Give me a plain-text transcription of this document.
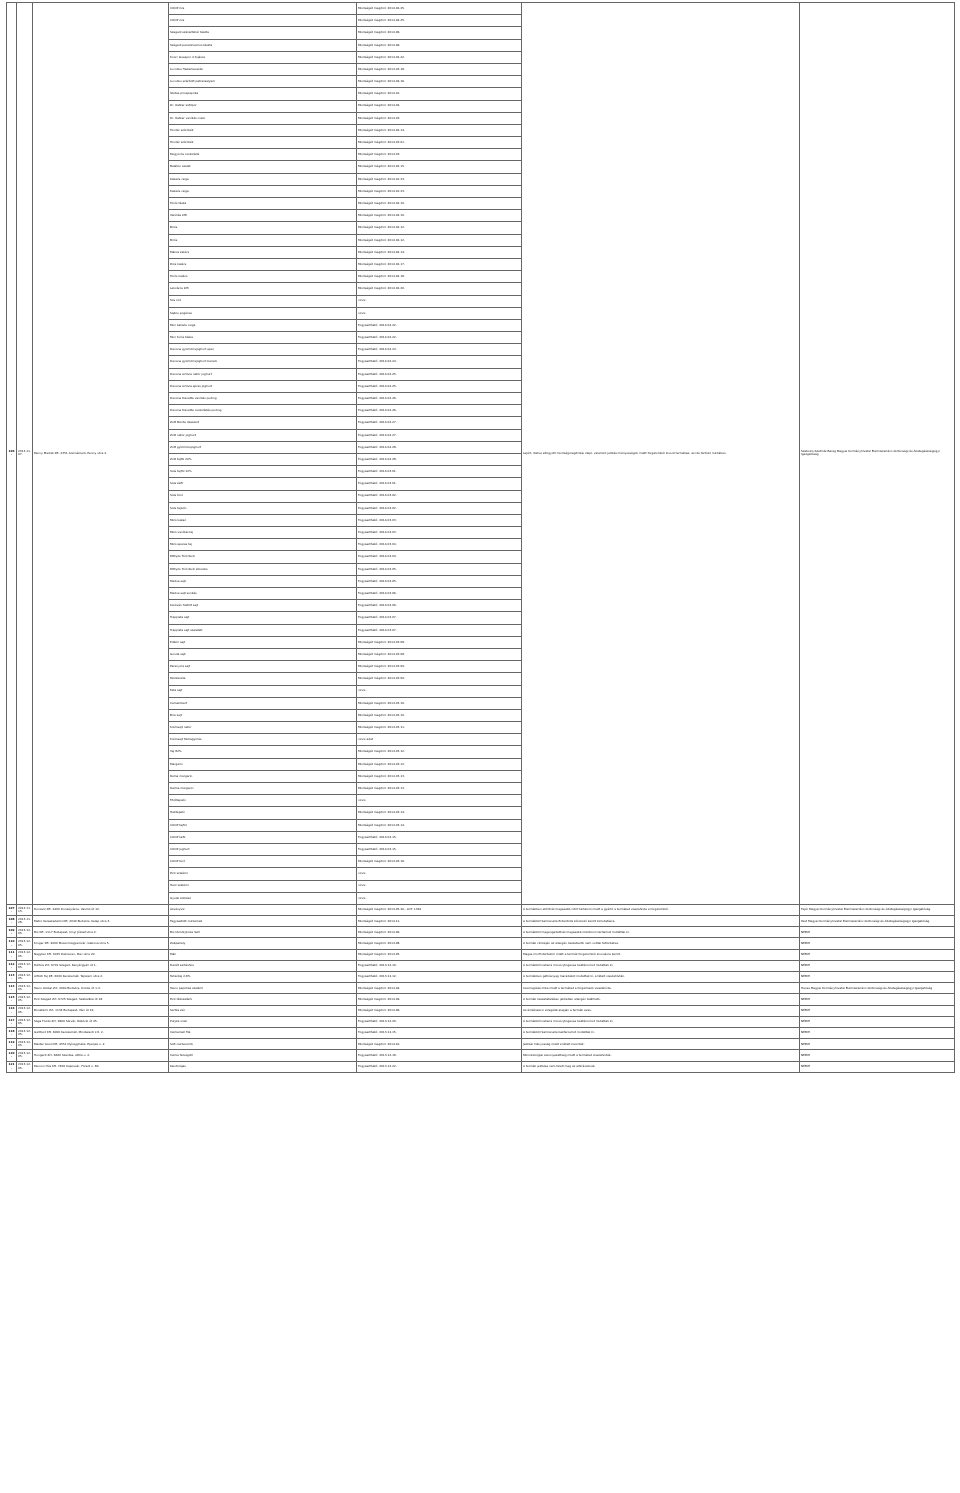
106.	2013.11.07.	Penny Market Kft. 2351 Alsónémedi, Penny utca 2.	COOP rizs	Minőségét megőrzi: 2014.04.25.	Lejárt, illetve elfogyott minőségmegőrzési idejű, valamint jelölési hiányosságok miatt forgalomból kivont termékek, az ide tartozó mintában.	Szabolcs-Szatmár-Bereg Megyei Kormányhivatal Élelmiszerlánc-biztonsági és Állategészségügyi Igazgatóság
			COOP rizs	Minőségét megőrzi: 2014.04.25.		
			Szegedi szárazfehér tészta	Minőségét megőrzi: 2014.06.		
			Szegedi paradicsomos tészta	Minőségét megőrzi: 2014.06.		
			Knorr levespor 4 tojásos	Minőségét megőrzi: 2014.02.22.		
			Lucullus fűszerkeverék	Minőségét megőrzi: 2014.03.18.		
			Lucullus szárított petrezselyem	Minőségét megőrzi: 2014.04.16.		
			Ízletes pirospaprika	Minőségét megőrzi: 2014.01.		
			Dr. Oetker sütőpor	Minőségét megőrzi: 2014.02.		
			Dr. Oetker vaníliás cukor	Minőségét megőrzi: 2014.03.		
			Tündér szórókék	Minőségét megőrzi: 2014.02.14.		
			Tündér szórókék	Minőségét megőrzi: 2014.03.01.		
			Mogyorós csokoládé	Minőségét megőrzi: 2014.03.		
			Balaton szelet	Minőségét megőrzi: 2014.02.15.		
			Kakaós csiga	Minőségét megőrzi: 2014.01.23.		
			Kakaós csiga	Minőségét megőrzi: 2014.01.23.		
			Túrós táska	Minőségét megőrzi: 2014.02.10.		
			Vaníliás kifli	Minőségét megőrzi: 2014.02.10.		
			Briós	Minőségét megőrzi: 2014.02.12.		
			Briós	Minőségét megőrzi: 2014.02.12.		
			Mákos kalács	Minőségét megőrzi: 2014.02.14.		
			Diós kalács	Minőségét megőrzi: 2014.02.17.		
			Túrós kalács	Minőségét megőrzi: 2014.02.18.		
			Lekváros kifli	Minőségét megőrzi: 2014.02.20.		
			Sós rúd	nincs		
			Sajtos pogácsa	nincs		
			Mini kakaós csiga	Fogyasztható: 2014.02.22.		
			Mini túrós táska	Fogyasztható: 2014.02.22.		
			Danone gyümölcsjoghurt eper	Fogyasztható: 2014.02.24.		
			Danone gyümölcsjoghurt barack	Fogyasztható: 2014.02.24.		
			Danone Activia natúr joghurt	Fogyasztható: 2014.02.25.		
			Danone Activia epres joghurt	Fogyasztható: 2014.02.25.		
			Danone Danette vaníliás puding	Fogyasztható: 2014.02.26.		
			Danone Danette csokoládés puding	Fogyasztható: 2014.02.26.		
			Zott Monte desszert	Fogyasztható: 2014.02.27.		
			Zott natúr joghurt	Fogyasztható: 2014.02.27.		
			Zott gyümölcsjoghurt	Fogyasztható: 2014.02.28.		
			Zott tejföl 20%	Fogyasztható: 2014.02.28.		
			Sole tejföl 12%	Fogyasztható: 2014.03.01.		
			Sole kefir	Fogyasztható: 2014.03.01.		
			Sole túró	Fogyasztható: 2014.03.02.		
			Sole tejszín	Fogyasztható: 2014.03.02.		
			Mizo kakaó	Fogyasztható: 2014.03.03.		
			Mizo vaníliás tej	Fogyasztható: 2014.03.03.		
			Mizo eperes tej	Fogyasztható: 2014.03.04.		
			Pöttyös Túró Rudi	Fogyasztható: 2014.03.04.		
			Pöttyös Túró Rudi étcsokis	Fogyasztható: 2014.03.05.		
			Medve sajt	Fogyasztható: 2014.03.05.		
			Medve sajt sonkás	Fogyasztható: 2014.03.06.		
			Karaván füstölt sajt	Fogyasztható: 2014.03.06.		
			Trappista sajt	Fogyasztható: 2014.03.07.		
			Trappista sajt szeletelt	Fogyasztható: 2014.03.07.		
			Edámi sajt	Minőségét megőrzi: 2014.03.08.		
			Gouda sajt	Minőségét megőrzi: 2014.03.08.		
			Parenyica sajt	Minőségét megőrzi: 2014.03.09.		
			Mozzarella	Minőségét megőrzi: 2014.03.09.		
			Feta sajt	nincs		
			Camembert	Minőségét megőrzi: 2014.03.10.		
			Brie sajt	Minőségét megőrzi: 2014.03.10.		
			Krémsajt natúr	Minőségét megőrzi: 2014.03.11.		
			Krémsajt fokhagymás	nincs adat		
			Vaj 82%	Minőségét megőrzi: 2014.03.12.		
			Margarin	Minőségét megőrzi: 2014.03.12.		
			Rama margarin	Minőségét megőrzi: 2014.03.13.		
			Delma margarin	Minőségét megőrzi: 2014.03.13.		
			Főzőtejszín	nincs		
			Habtejszín	Minőségét megőrzi: 2014.03.14.		
			COOP tejföl	Minőségét megőrzi: 2014.03.14.		
			COOP kefir	Fogyasztható: 2014.03.15.		
			COOP joghurt	Fogyasztható: 2014.03.15.		
			COOP túró	Minőségét megőrzi: 2014.03.16.		
			Pick szalámi	nincs		
			Herz szalámi	nincs		
			Gyulai kolbász	nincs		
107.	2013.11.15.	Dunavíz Kft. 2400 Dunaújváros, Vasmű út 12.	Ásványvíz	Minőségét megőrzi: 2014.05.20., LOT: 1326	A termékben előírtnál magasabb nitrit tartalom miatt a gyártó a terméket visszahívta a forgalomból.	Fejér Megyei Kormányhivatal Élelmiszerlánc-biztonsági és Állategészségügyi Igazgatóság
108.	2013.11.28.	Metro Kereskedelmi Kft. 2040 Budaörs, Kelep utca 3.	Fagyasztott csirkemell	Minőségét megőrzi: 2014.11.	A termékből Salmonella Enteritidis kórokozó került kimutatásra.	Pest Megyei Kormányhivatal Élelmiszerlánc-biztonsági és Állategészségügyi Igazgatóság
109.	2013.12.05.	Bio Kft. 1117 Budapest, Irinyi József utca 4.	Bio tönkölybúza liszt	Minőségét megőrzi: 2014.06.	A termékből megengedettnél magasabb mikotoxin tartalmat mutattak ki.	NÉBIH
110.	2013.12.05.	Kruger Kft. 9200 Mosonmagyaróvár, Gabona utca 5.	Zabpehely	Minőségét megőrzi: 2014.08.	A termék címkéjén az allergén összetevők nem voltak feltüntetve.	NÉBIH
111.	2013.12.05.	Nagyker Kft. 4025 Debrecen, Piac utca 20.	Mák	Minőségét megőrzi: 2014.05.	Magas morfintartalom miatt a termék forgalomból kivonásra került.	NÉBIH
112.	2013.12.05.	Délhús Zrt. 6701 Szeged, Kenyérgyári út 1.	Darált sertéshús	Fogyasztható: 2013.12.10.	A termékből Listeria monocytogenes baktériumot mutattak ki.	NÉBIH
113.	2013.12.05.	Alföldi Tej Kft. 6000 Kecskemét, Tejüzem utca 2.	Tehéntej 2,8%	Fogyasztható: 2013.12.12.	A termékben gátlóanyag maradékot mutattak ki, a tételt visszahívták.	NÉBIH
114.	2013.12.05.	Tesco Global Zrt. 2040 Budaörs, Kinizsi út 1-3.	Tesco paprikás szalámi	Minőségét megőrzi: 2014.04.	Csomagolási hiba miatt a terméket a forgalmazó visszahívta.	Heves Megyei Kormányhivatal Élelmiszerlánc-biztonsági és Állategészségügyi Igazgatóság
115.	2013.12.05.	Pick Szeged Zrt. 6725 Szeged, Szabadkai út 18.	Pick téliszalámi	Minőségét megőrzi: 2014.09.	A termék összetételében jelöletlen allergén található.	NÉBIH
116.	2013.12.05.	Bonafarm Zrt. 1134 Budapest, Váci út 19.	Sertés zsír	Minőségét megőrzi: 2014.06.	Az érzékszervi vizsgálat alapján a termék avas.	NÉBIH
117.	2013.12.05.	Sága Foods Zrt. 9600 Sárvár, Rákóczi út 45.	Pulyka virsli	Fogyasztható: 2013.12.20.	A termékből Listeria monocytogenes baktériumot mutattak ki.	NÉBIH
118.	2013.12.05.	Gallfood Kft. 6000 Kecskemét, Mindszenti krt. 2.	Csirkemell filé	Fogyasztható: 2013.12.15.	A termékből Salmonella baktériumot mutattak ki.	NÉBIH
119.	2013.12.05.	Master Good Kft. 4551 Nyíregyháza, Eperjes u. 2.	Sült csirkecomb	Minőségét megőrzi: 2014.01.	Jelölési hiányosság miatt a tételt kivonták.	NÉBIH
120.	2013.12.05.	Hungerit Zrt. 6600 Szentes, Attila u. 2.	Csirke felvágott	Fogyasztható: 2013.12.18.	Mikrobiológiai szennyezettség miatt a terméket visszahívták.	NÉBIH
121.	2013.12.05.	Pannon Hús Kft. 7400 Kaposvár, Füredi u. 80.	Kenőmájas	Fogyasztható: 2013.12.22.	A termék jelölése nem felelt meg az előírásoknak.	NÉBIH
